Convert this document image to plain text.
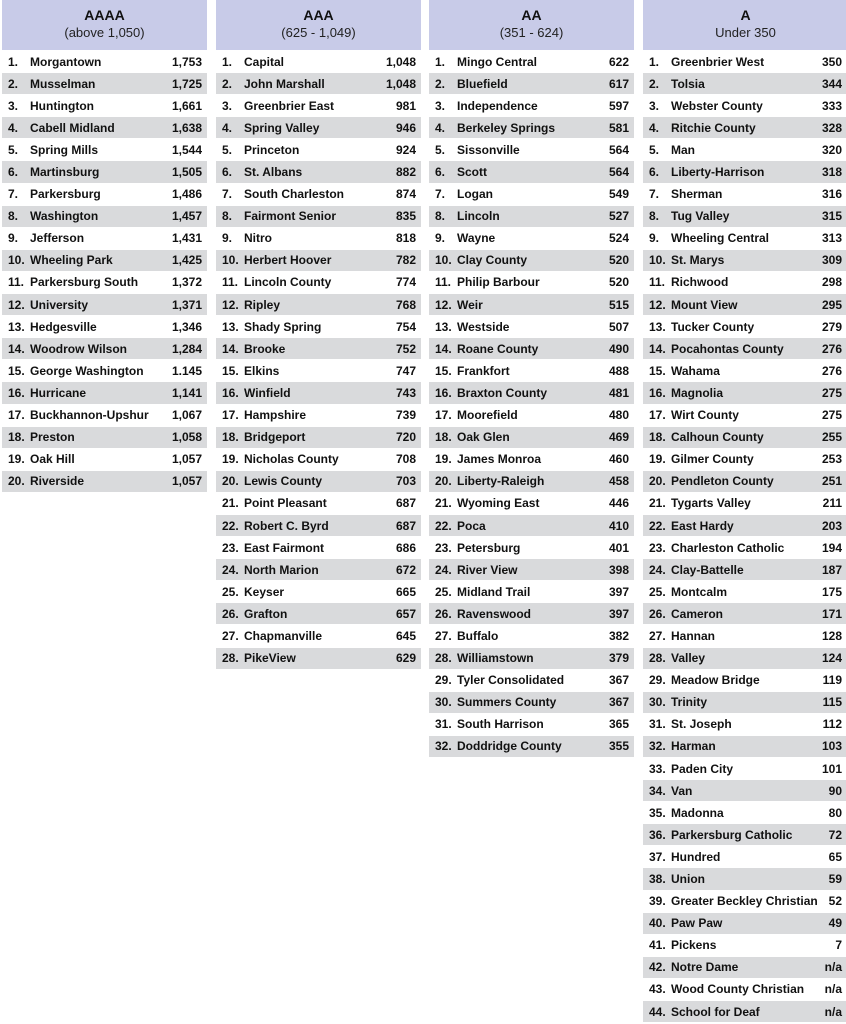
AAAA
(above 1,050)
1. Morgantown	1,753
2. Musselman	1,725
3. Huntington	1,661
4. Cabell Midland	1,638
5. Spring Mills	1,544
6. Martinsburg	1,505
7. Parkersburg	1,486
8. Washington	1,457
9. Jefferson	1,431
10. Wheeling Park	1,425
11. Parkersburg South	1,372
12. University	1,371
13. Hedgesville	1,346
14. Woodrow Wilson	1,284
15. George Washington	1.145
16. Hurricane	1,141
17. Buckhannon-Upshur	1,067
18. Preston	1,058
19. Oak Hill	1,057
20. Riverside	1,057
AAA
(625 - 1,049)
1. Capital	1,048
2. John Marshall	1,048
3. Greenbrier East	981
4. Spring Valley	946
5. Princeton	924
6. St. Albans	882
7. South Charleston	874
8. Fairmont Senior	835
9. Nitro	818
10. Herbert Hoover	782
11. Lincoln County	774
12. Ripley	768
13. Shady Spring	754
14. Brooke	752
15. Elkins	747
16. Winfield	743
17. Hampshire	739
18. Bridgeport	720
19. Nicholas County	708
20. Lewis County	703
21. Point Pleasant	687
22. Robert C. Byrd	687
23. East Fairmont	686
24. North Marion	672
25. Keyser	665
26. Grafton	657
27. Chapmanville	645
28. PikeView	629
AA
(351 - 624)
1. Mingo Central	622
2. Bluefield	617
3. Independence	597
4. Berkeley Springs	581
5. Sissonville	564
6. Scott	564
7. Logan	549
8. Lincoln	527
9. Wayne	524
10. Clay County	520
11. Philip Barbour	520
12. Weir	515
13. Westside	507
14. Roane County	490
15. Frankfort	488
16. Braxton County	481
17. Moorefield	480
18. Oak Glen	469
19. James Monroa	460
20. Liberty-Raleigh	458
21. Wyoming East	446
22. Poca	410
23. Petersburg	401
24. River View	398
25. Midland Trail	397
26. Ravenswood	397
27. Buffalo	382
28. Williamstown	379
29. Tyler Consolidated	367
30. Summers County	367
31. South Harrison	365
32. Doddridge County	355
A
Under 350
1. Greenbrier West	350
2. Tolsia	344
3. Webster County	333
4. Ritchie County	328
5. Man	320
6. Liberty-Harrison	318
7. Sherman	316
8. Tug Valley	315
9. Wheeling Central	313
10. St. Marys	309
11. Richwood	298
12. Mount View	295
13. Tucker County	279
14. Pocahontas County	276
15. Wahama	276
16. Magnolia	275
17. Wirt County	275
18. Calhoun County	255
19. Gilmer County	253
20. Pendleton County	251
21. Tygarts Valley	211
22. East Hardy	203
23. Charleston Catholic	194
24. Clay-Battelle	187
25. Montcalm	175
26. Cameron	171
27. Hannan	128
28. Valley	124
29. Meadow Bridge	119
30. Trinity	115
31. St. Joseph	112
32. Harman	103
33. Paden City	101
34. Van	90
35. Madonna	80
36. Parkersburg Catholic	72
37. Hundred	65
38. Union	59
39. Greater Beckley Christian 52
40. Paw Paw	49
41. Pickens	7
42. Notre Dame	n/a
43. Wood County Christian	n/a
44. School for Deaf	n/a
